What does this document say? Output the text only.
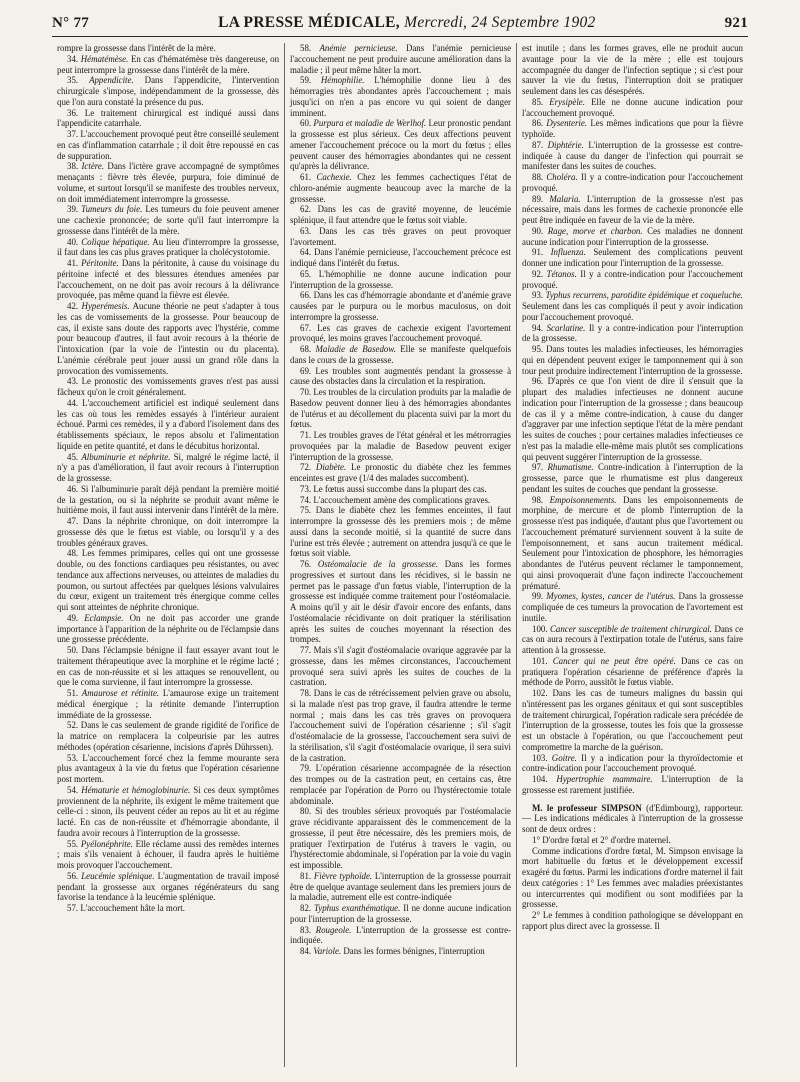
N° 77	LA PRESSE MÉDICALE, Mercredi, 24 Septembre 1902	921

rompre la grossesse dans l'intérêt de la mère.

34. Hématémèse. En cas d'hématémèse très dangereuse, on peut interrompre la grossesse dans l'intérêt de la mère.

35. Appendicite. Dans l'appendicite, l'intervention chirurgicale s'impose, indépendamment de la grossesse, dès que l'on aura constaté la présence du pus.

36. Le traitement chirurgical est indiqué aussi dans l'appendicite catarrhale.

37. L'accouchement provoqué peut être conseillé seulement en cas d'inflammation catarrhale ; il doit être repoussé en cas de suppuration.

38. Ictère. Dans l'ictère grave accompagné de symptômes menaçants : fièvre très élevée, purpura, foie diminué de volume, et surtout lorsqu'il se manifeste des troubles nerveux, on doit immédiatement interrompre la grossesse.

39. Tumeurs du foie. Les tumeurs du foie peuvent amener une cachexie prononcée; de sorte qu'il faut interrompre la grossesse dans l'intérêt de la mère.

40. Colique hépatique. Au lieu d'interrompre la grossesse, il faut dans les cas plus graves pratiquer la cholécystotomie.

41. Péritonite. Dans la péritonite, à cause du voisinage du péritoine infecté et des blessures étendues amenées par l'accouchement, on ne doit pas avoir recours à la délivrance provoquée, pas même quand la fièvre est élevée.

42. Hyperémesis. Aucune théorie ne peut s'adapter à tous les cas de vomissements de la grossesse. Pour beaucoup de cas, il existe sans doute des rapports avec l'hystérie, comme pour beaucoup d'autres, il faut avoir recours à la théorie de l'intoxication (par la voie de l'intestin ou du placenta). L'anémie cérébrale peut jouer aussi un grand rôle dans la provocation des vomissements.

43. Le pronostic des vomissements graves n'est pas aussi fâcheux qu'on le croit généralement.

44. L'accouchement artificiel est indiqué seulement dans les cas où tous les remèdes essayés à l'intérieur auraient échoué. Parmi ces remèdes, il y a d'abord l'isolement dans des établissements spéciaux, le repos absolu et l'alimentation liquide en petite quantité, et dans le décubitus horizontal.

45. Albuminurie et néphrite. Si, malgré le régime lacté, il n'y a pas d'amélioration, il faut avoir recours à l'interruption de la grossesse.

46. Si l'albuminurie paraît déjà pendant la première moitié de la gestation, ou si la néphrite se produit avant même le huitième mois, il faut aussi intervenir dans l'intérêt de la mère.

47. Dans la néphrite chronique, on doit interrompre la grossesse dès que le fœtus est viable, ou lorsqu'il y a des troubles généraux graves.

48. Les femmes primipares, celles qui ont une grossesse double, ou des fonctions cardiaques peu résistantes, ou avec tendance aux affections nerveuses, ou atteintes de maladies du poumon, ou surtout affectées par quelques lésions valvulaires du cœur, exigent un traitement très énergique comme celles qui sont atteintes de néphrite chronique.

49. Eclampsie. On ne doit pas accorder une grande importance à l'apparition de la néphrite ou de l'éclampsie dans une grossesse précédente.

50. Dans l'éclampsie bénigne il faut essayer avant tout le traitement thérapeutique avec la morphine et le régime lacté ; en cas de non-réussite et si les attaques se renouvellent, ou que le coma survienne, il faut interrompre la grossesse.

51. Amaurose et rétinite. L'amaurose exige un traitement médical énergique ; la rétinite demande l'interruption immédiate de la grossesse.

52. Dans le cas seulement de grande rigidité de l'orifice de la matrice on remplacera la colpeurisie par les autres méthodes (opération césarienne, incisions d'après Dührssen).

53. L'accouchement forcé chez la femme mourante sera plus avantageux à la vie du fœtus que l'opération césarienne post mortem.

54. Hématurie et hémoglobinurie. Si ces deux symptômes proviennent de la néphrite, ils exigent le même traitement que celle-ci : sinon, ils peuvent céder au repos au lit et au régime lacté. En cas de non-réussite et d'hémorragie abondante, il faudra avoir recours à l'interruption de la grossesse.

55. Pyélonéphrite. Elle réclame aussi des remèdes internes ; mais s'ils venaient à échouer, il faudra après le huitième mois provoquer l'accouchement.

56. Leucémie splénique. L'augmentation de travail imposé pendant la grossesse aux organes régénérateurs du sang favorise la tendance à la leucémie splénique.

57. L'accouchement hâte la mort.

58. Anémie pernicieuse. Dans l'anémie pernicieuse l'accouchement ne peut produire aucune amélioration dans la maladie ; il peut même hâter la mort.

59. Hémophilie. L'hémophilie donne lieu à des hémorragies très abondantes après l'accouchement ; mais jusqu'ici on n'en a pas encore vu qui soient de danger imminent.

60. Purpura et maladie de Werlhof. Leur pronostic pendant la grossesse est plus sérieux. Ces deux affections peuvent amener l'accouchement précoce ou la mort du fœtus ; elles peuvent causer des hémorragies abondantes qui ne cessent qu'après la délivrance.

61. Cachexie. Chez les femmes cachectiques l'état de chloro-anémie augmente beaucoup avec la marche de la grossesse.

62. Dans les cas de gravité moyenne, de leucémie splénique, il faut attendre que le fœtus soit viable.

63. Dans les cas très graves on peut provoquer l'avortement.

64. Dans l'anémie pernicieuse, l'accouchement précoce est indiqué dans l'intérêt du fœtus.

65. L'hémophilie ne donne aucune indication pour l'interruption de la grossesse.

66. Dans les cas d'hémorragie abondante et d'anémie grave causées par le purpura ou le morbus maculosus, on doit interrompre la grossesse.

67. Les cas graves de cachexie exigent l'avortement provoqué, les moins graves l'accouchement provoqué.

68. Maladie de Basedow. Elle se manifeste quelquefois dans le cours de la grossesse.

69. Les troubles sont augmentés pendant la grossesse à cause des obstacles dans la circulation et la respiration.

70. Les troubles de la circulation produits par la maladie de Basedow peuvent donner lieu à des hémorragies abondantes de l'utérus et au décollement du placenta suivi par la mort du fœtus.

71. Les troubles graves de l'état général et les métrorragies provoquées par la maladie de Basedow peuvent exiger l'interruption de la grossesse.

72. Diabète. Le pronostic du diabète chez les femmes enceintes est grave (1/4 des malades succombent).

73. Le fœtus aussi succombe dans la plupart des cas.

74. L'accouchement amène des complications graves.

75. Dans le diabète chez les femmes enceintes, il faut interrompre la grossesse dès les premiers mois ; de même aussi dans la seconde moitié, si la quantité de sucre dans l'urine est très élevée ; autrement on attendra jusqu'à ce que le fœtus soit viable.

76. Ostéomalacie de la grossesse. Dans les formes progressives et surtout dans les récidives, si le bassin ne permet pas le passage d'un fœtus viable, l'interruption de la grossesse est indiquée comme traitement pour l'ostéomalacie. A moins qu'il y ait le désir d'avoir encore des enfants, dans l'ostéomalacie récidivante on doit pratiquer la stérilisation après les suites de couches moyennant la résection des trompes.

77. Mais s'il s'agit d'ostéomalacie ovarique aggravée par la grossesse, dans les mêmes circonstances, l'accouchement provoqué sera suivi après les suites de couches de la castration.

78. Dans le cas de rétrécissement pelvien grave ou absolu, si la malade n'est pas trop grave, il faudra attendre le terme normal ; mais dans les cas très graves on provoquera l'accouchement suivi de l'opération césarienne ; s'il s'agit d'ostéomalacie de la grossesse, l'accouchement sera suivi de la stérilisation, s'il s'agit d'ostéomalacie ovarique, il sera suivi de la castration.

79. L'opération césarienne accompagnée de la résection des trompes ou de la castration peut, en certains cas, être remplacée par l'opération de Porro ou l'hystérectomie totale abdominale.

80. Si des troubles sérieux provoqués par l'ostéomalacie grave récidivante apparaissent dès le commencement de la grossesse, il peut être nécessaire, dès les premiers mois, de pratiquer l'extirpation de l'utérus à travers le vagin, ou l'hystérectomie abdominale, si l'opération par la voie du vagin est impossible.

81. Fièvre typhoïde. L'interruption de la grossesse pourrait être de quelque avantage seulement dans les premiers jours de la maladie, autrement elle est contre-indiquée

82. Typhus exanthématique. Il ne donne aucune indication pour l'interruption de la grossesse.

83. Rougeole. L'interruption de la grossesse est contre-indiquée.

84. Variole. Dans les formes bénignes, l'interruption

est inutile ; dans les formes graves, elle ne produit aucun avantage pour la vie de la mère ; elle est toujours accompagnée du danger de l'infection septique ; si c'est pour sauver la vie du fœtus, l'interruption doit se pratiquer seulement dans les cas désespérés.

85. Erysipèle. Elle ne donne aucune indication pour l'accouchement provoqué.

86. Dysenterie. Les mêmes indications que pour la fièvre typhoïde.

87. Diphtérie. L'interruption de la grossesse est contre-indiquée à cause du danger de l'infection qui pourrait se manifester dans les suites de couches.

88. Choléra. Il y a contre-indication pour l'accouchement provoqué.

89. Malaria. L'interruption de la grossesse n'est pas nécessaire, mais dans les formes de cachexie prononcée elle peut être indiquée en faveur de la vie de la mère.

90. Rage, morve et charbon. Ces maladies ne donnent aucune indication pour l'interruption de la grossesse.

91. Influenza. Seulement des complications peuvent donner une indication pour l'interruption de la grossesse.

92. Tétanos. Il y a contre-indication pour l'accouchement provoqué.

93. Typhus recurrens, parotidite épidémique et coqueluche. Seulement dans les cas compliqués il peut y avoir indication pour l'accouchement provoqué.

94. Scarlatine. Il y a contre-indication pour l'interruption de la grossesse.

95. Dans toutes les maladies infectieuses, les hémorragies qui en dépendent peuvent exiger le tamponnement qui à son tour peut produire indirectement l'interruption de la grossesse.

96. D'après ce que l'on vient de dire il s'ensuit que la plupart des maladies infectieuses ne donnent aucune indication pour l'interruption de la grossesse ; dans beaucoup de cas il y a même contre-indication, à cause du danger d'aggraver par une infection septique l'état de la mère pendant les suites de couches ; pour certaines maladies infectieuses ce n'est pas la maladie elle-même mais plutôt ses complications qui peuvent suggérer l'interruption de la grossesse.

97. Rhumatisme. Contre-indication à l'interruption de la grossesse, parce que le rhumatisme est plus dangereux pendant les suites de couches que pendant la grossesse.

98. Empoisonnements. Dans les empoisonnements de morphine, de mercure et de plomb l'interruption de la grossesse n'est pas indiquée, d'autant plus que l'avortement ou l'accouchement prématuré surviennent souvent à la suite de l'empoisonnement, et sans aucun traitement médical. Seulement pour l'intoxication de phosphore, les hémorragies abondantes de l'utérus peuvent réclamer le tamponnement, qui ainsi provoquerait d'une façon indirecte l'accouchement prématuré.

99. Myomes, kystes, cancer de l'utérus. Dans la grossesse compliquée de ces tumeurs la provocation de l'avortement est inutile.

100. Cancer susceptible de traitement chirurgical. Dans ce cas on aura recours à l'extirpation totale de l'utérus, sans faire attention à la grossesse.

101. Cancer qui ne peut être opéré. Dans ce cas on pratiquera l'opération césarienne de préférence d'après la méthode de Porro, aussitôt le fœtus viable.

102. Dans les cas de tumeurs malignes du bassin qui n'intéressent pas les organes génitaux et qui sont susceptibles de traitement chirurgical, l'opération radicale sera précédée de l'interruption de la grossesse, toutes les fois que la grossesse est un obstacle à l'opération, ou que l'accouchement peut compromettre la marche de la guérison.

103. Goitre. Il y a indication pour la thyroïdectomie et contre-indication pour l'accouchement provoqué.

104. Hypertrophie mammaire. L'interruption de la grossesse est rarement justifiée.

M. le professeur SIMPSON (d'Edimbourg), rapporteur. — Les indications médicales à l'interruption de la grossesse sont de deux ordres :

1° D'ordre fœtal et 2° d'ordre maternel.

Comme indications d'ordre fœtal, M. Simpson envisage la mort habituelle du fœtus et le développement excessif exagéré du fœtus. Parmi les indications d'ordre maternel il fait deux catégories : 1° Les femmes avec maladies préexistantes ou intercurrentes qui modifient ou sont modifiées par la grossesse.

2° Le femmes à condition pathologique se développant en rapport plus direct avec la grossesse. Il
